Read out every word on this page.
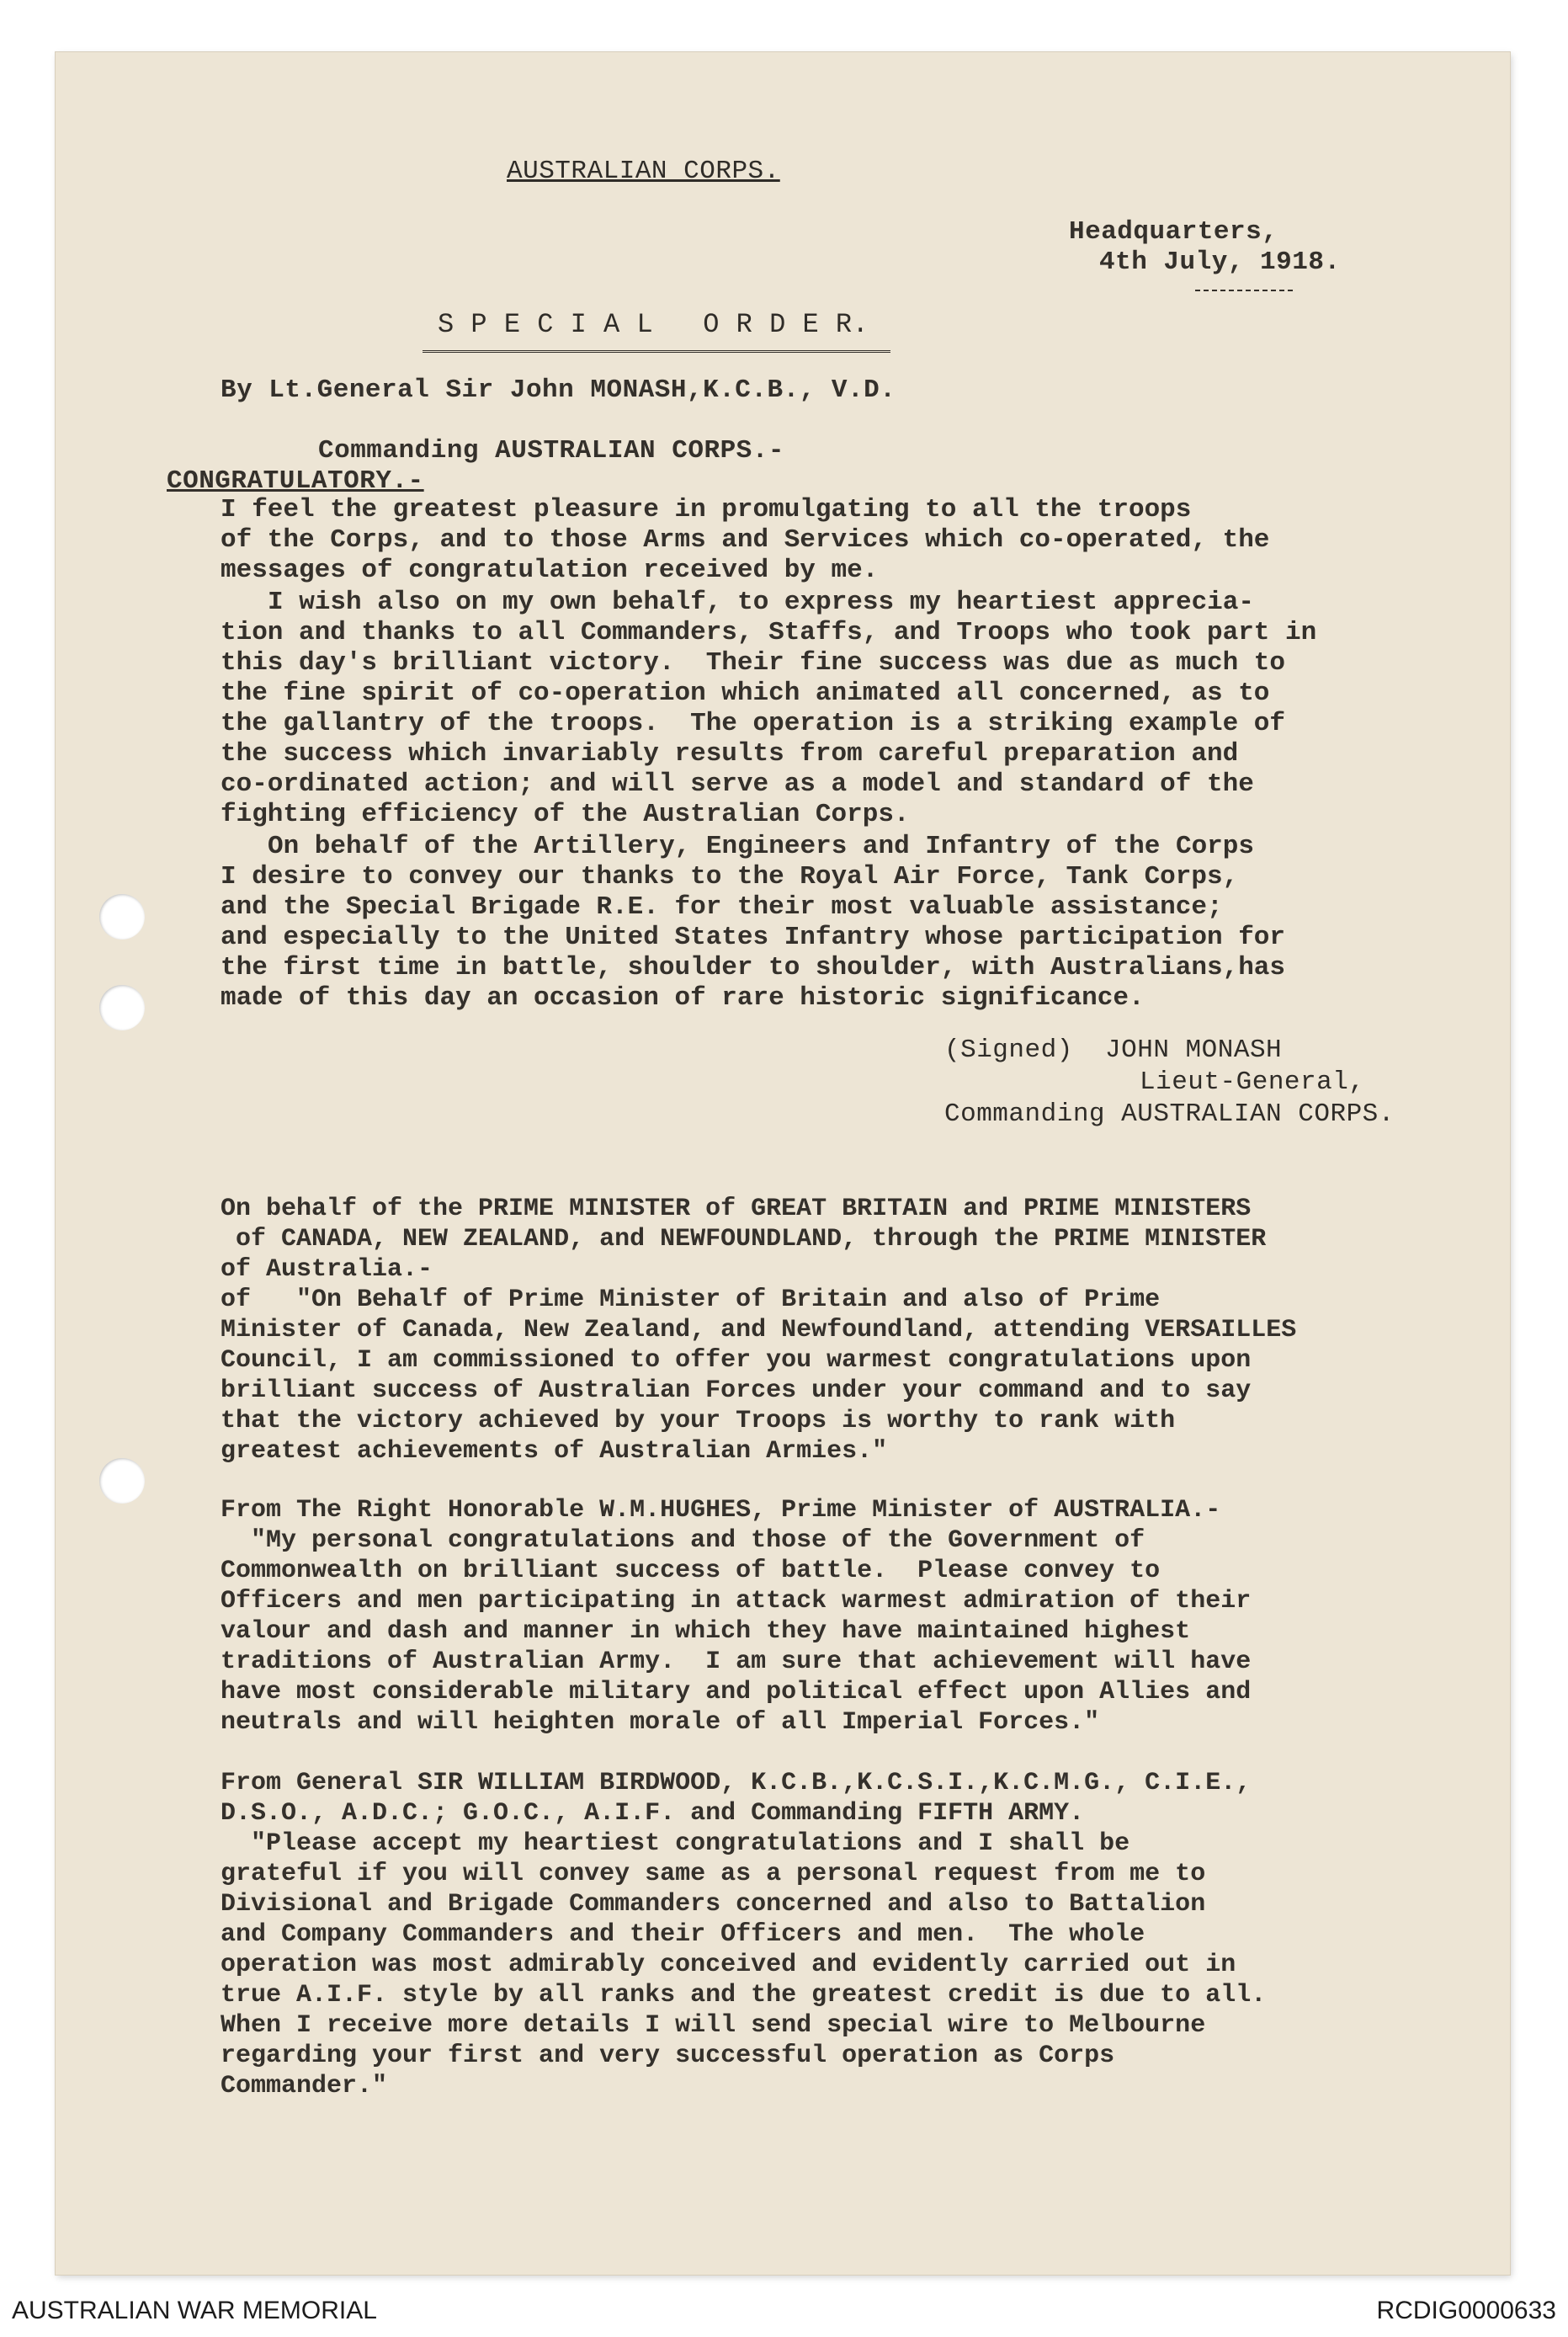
AUSTRALIAN CORPS.
Headquarters,
4th July, 1918.
S P E C I A L   O R D E R.
By Lt.General Sir John MONASH,K.C.B., V.D.
Commanding AUSTRALIAN CORPS.-
CONGRATULATORY.-
I feel the greatest pleasure in promulgating to all the troops
of the Corps, and to those Arms and Services which co-operated, the
messages of congratulation received by me.
I wish also on my own behalf, to express my heartiest apprecia-
tion and thanks to all Commanders, Staffs, and Troops who took part in
this day's brilliant victory.  Their fine success was due as much to
the fine spirit of co-operation which animated all concerned, as to
the gallantry of the troops.  The operation is a striking example of
the success which invariably results from careful preparation and
co-ordinated action; and will serve as a model and standard of the
fighting efficiency of the Australian Corps.
On behalf of the Artillery, Engineers and Infantry of the Corps
I desire to convey our thanks to the Royal Air Force, Tank Corps,
and the Special Brigade R.E. for their most valuable assistance;
and especially to the United States Infantry whose participation for
the first time in battle, shoulder to shoulder, with Australians,has
made of this day an occasion of rare historic significance.
(Signed)  JOHN MONASH
Lieut-General,
Commanding AUSTRALIAN CORPS.
On behalf of the PRIME MINISTER of GREAT BRITAIN and PRIME MINISTERS
of CANADA, NEW ZEALAND, and NEWFOUNDLAND, through the PRIME MINISTER
of Australia.-
of   "On Behalf of Prime Minister of Britain and also of Prime
Minister of Canada, New Zealand, and Newfoundland, attending VERSAILLES
Council, I am commissioned to offer you warmest congratulations upon
brilliant success of Australian Forces under your command and to say
that the victory achieved by your Troops is worthy to rank with
greatest achievements of Australian Armies."
From The Right Honorable W.M.HUGHES, Prime Minister of AUSTRALIA.-
"My personal congratulations and those of the Government of
Commonwealth on brilliant success of battle.  Please convey to
Officers and men participating in attack warmest admiration of their
valour and dash and manner in which they have maintained highest
traditions of Australian Army.  I am sure that achievement will have
have most considerable military and political effect upon Allies and
neutrals and will heighten morale of all Imperial Forces."
From General SIR WILLIAM BIRDWOOD, K.C.B.,K.C.S.I.,K.C.M.G., C.I.E.,
D.S.O., A.D.C.; G.O.C., A.I.F. and Commanding FIFTH ARMY.
"Please accept my heartiest congratulations and I shall be
grateful if you will convey same as a personal request from me to
Divisional and Brigade Commanders concerned and also to Battalion
and Company Commanders and their Officers and men.  The whole
operation was most admirably conceived and evidently carried out in
true A.I.F. style by all ranks and the greatest credit is due to all.
When I receive more details I will send special wire to Melbourne
regarding your first and very successful operation as Corps
Commander."
AUSTRALIAN WAR MEMORIAL	RCDIG0000633
